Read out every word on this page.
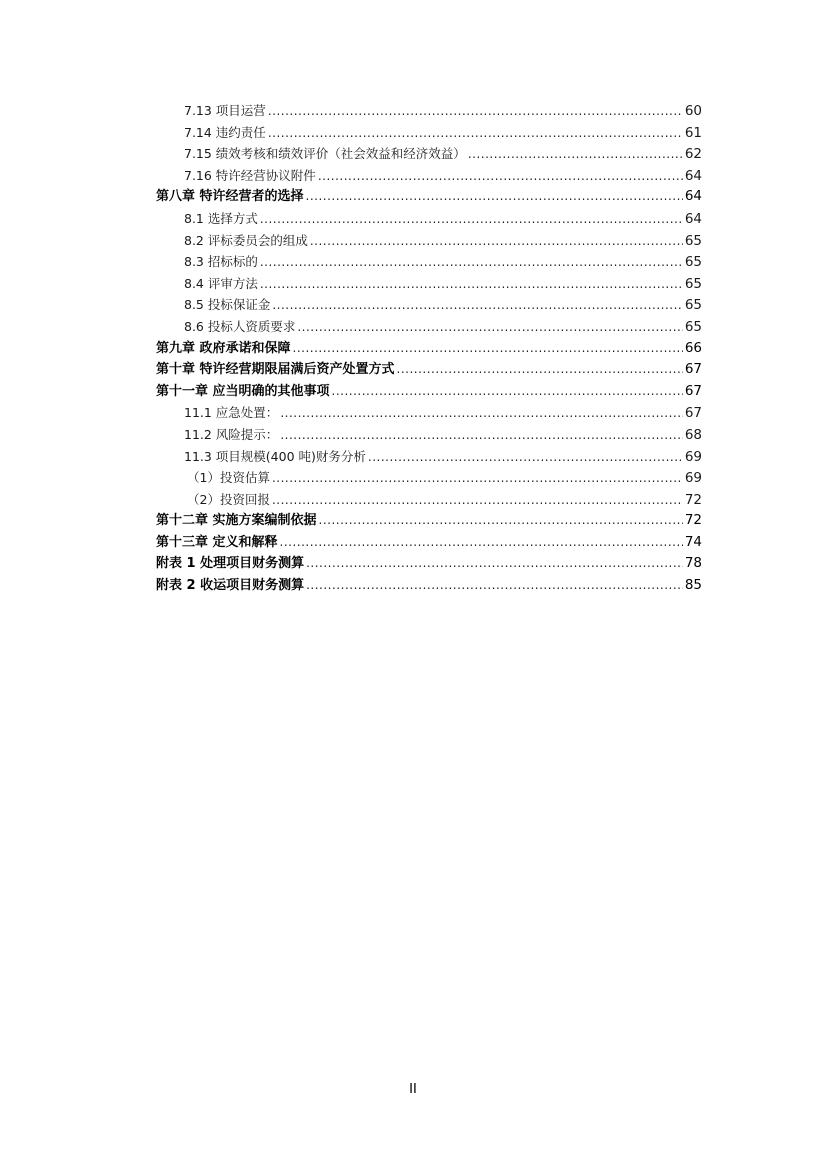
7.13 项目运营 .....	60
7.14 违约责任 .....	61
7.15 绩效考核和绩效评价（社会效益和经济效益） .....	62
7.16 特许经营协议附件 .....	64
第八章 特许经营者的选择 .....	64
8.1 选择方式 .....	64
8.2 评标委员会的组成 .....	65
8.3 招标标的 .....	65
8.4 评审方法 .....	65
8.5 投标保证金 .....	65
8.6 投标人资质要求 .....	65
第九章 政府承诺和保障 .....	66
第十章 特许经营期限届满后资产处置方式 .....	67
第十一章 应当明确的其他事项 .....	67
11.1 应急处置： .....	67
11.2 风险提示： .....	68
11.3 项目规模(400 吨)财务分析 .....	69
（1）投资估算 .....	69
（2）投资回报 .....	72
第十二章 实施方案编制依据 .....	72
第十三章 定义和解释 .....	74
附表 1 处理项目财务测算 .....	78
附表 2 收运项目财务测算 .....	85
II
